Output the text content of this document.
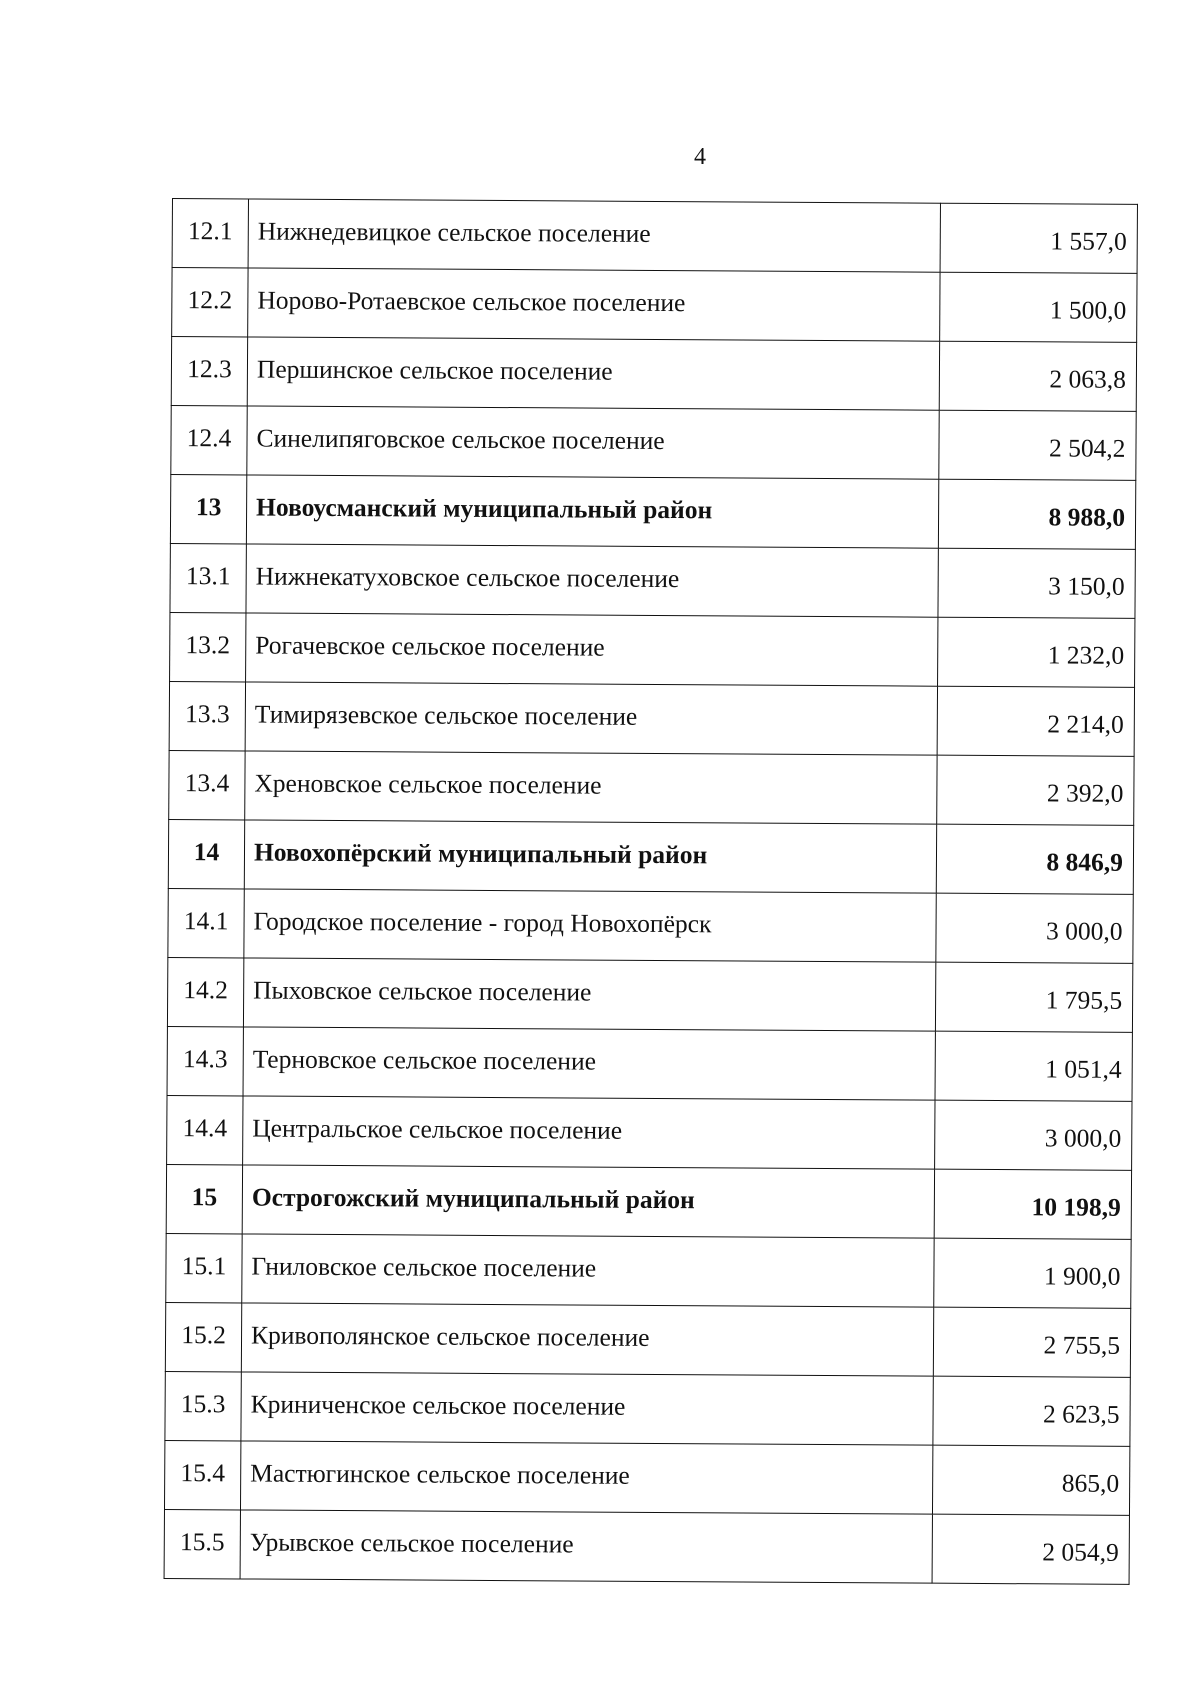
4
12.1	Нижнедевицкое сельское поселение	1 557,0
12.2	Норово-Ротаевское сельское поселение	1 500,0
12.3	Першинское сельское поселение	2 063,8
12.4	Синелипяговское сельское поселение	2 504,2
13	Новоусманский муниципальный район	8 988,0
13.1	Нижнекатуховское сельское поселение	3 150,0
13.2	Рогачевское сельское поселение	1 232,0
13.3	Тимирязевское сельское поселение	2 214,0
13.4	Хреновское сельское поселение	2 392,0
14	Новохопёрский муниципальный район	8 846,9
14.1	Городское поселение - город Новохопёрск	3 000,0
14.2	Пыховское сельское поселение	1 795,5
14.3	Терновское сельское поселение	1 051,4
14.4	Центральское сельское поселение	3 000,0
15	Острогожский муниципальный район	10 198,9
15.1	Гниловское сельское поселение	1 900,0
15.2	Кривополянское сельское поселение	2 755,5
15.3	Криниченское сельское поселение	2 623,5
15.4	Мастюгинское сельское поселение	865,0
15.5	Урывское сельское поселение	2 054,9
